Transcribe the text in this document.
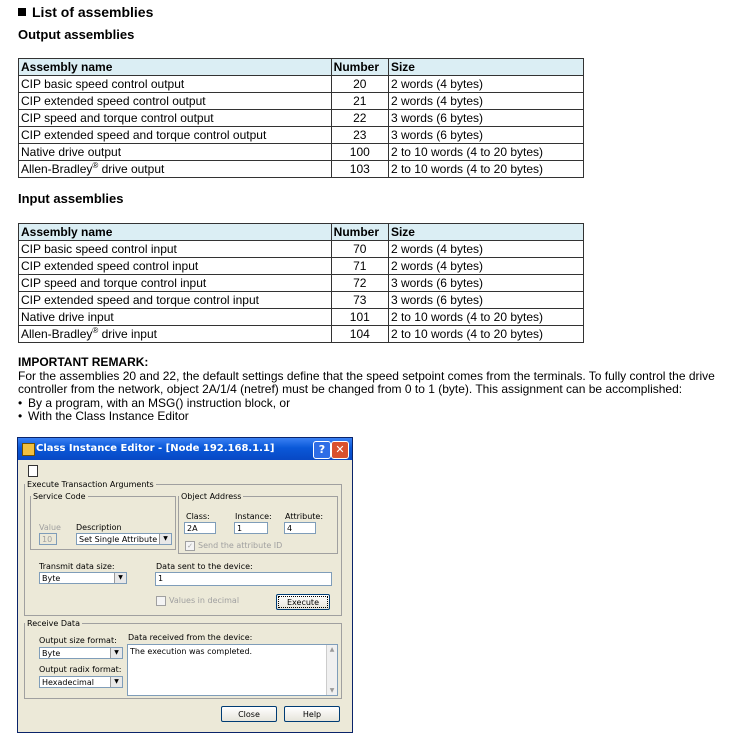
List of assemblies
Output assemblies
Assembly name	Number	Size
CIP basic speed control output	20	2 words (4 bytes)
CIP extended speed control output	21	2 words (4 bytes)
CIP speed and torque control output	22	3 words (6 bytes)
CIP extended speed and torque control output	23	3 words (6 bytes)
Native drive output	100	2 to 10 words (4 to 20 bytes)
Allen-Bradley® drive output	103	2 to 10 words (4 to 20 bytes)
Input assemblies
Assembly name	Number	Size
CIP basic speed control input	70	2 words (4 bytes)
CIP extended speed control input	71	2 words (4 bytes)
CIP speed and torque control input	72	3 words (6 bytes)
CIP extended speed and torque control input	73	3 words (6 bytes)
Native drive input	101	2 to 10 words (4 to 20 bytes)
Allen-Bradley® drive input	104	2 to 10 words (4 to 20 bytes)
IMPORTANT REMARK:
For the assemblies 20 and 22, the default settings define that the speed setpoint comes from the terminals. To fully control the drive controller from the network, object 2A/1/4 (netref) must be changed from 0 to 1 (byte). This assignment can be accomplished:
• By a program, with an MSG() instruction block, or
• With the Class Instance Editor
Class Instance Editor - [Node 192.168.1.1]	? ✕
Execute Transaction Arguments
Service Code
Value
10
Description
Set Single Attribute	▼
Object Address
Class:
2A
Instance:
1
Attribute:
4
✓ Send the attribute ID
Transmit data size:
Byte	▼
Data sent to the device:
1
Values in decimal	Execute
Receive Data
Output size format:
Byte	▼
Output radix format:
Hexadecimal	▼
Data received from the device:
The execution was completed.	▲
▼
Close	Help
